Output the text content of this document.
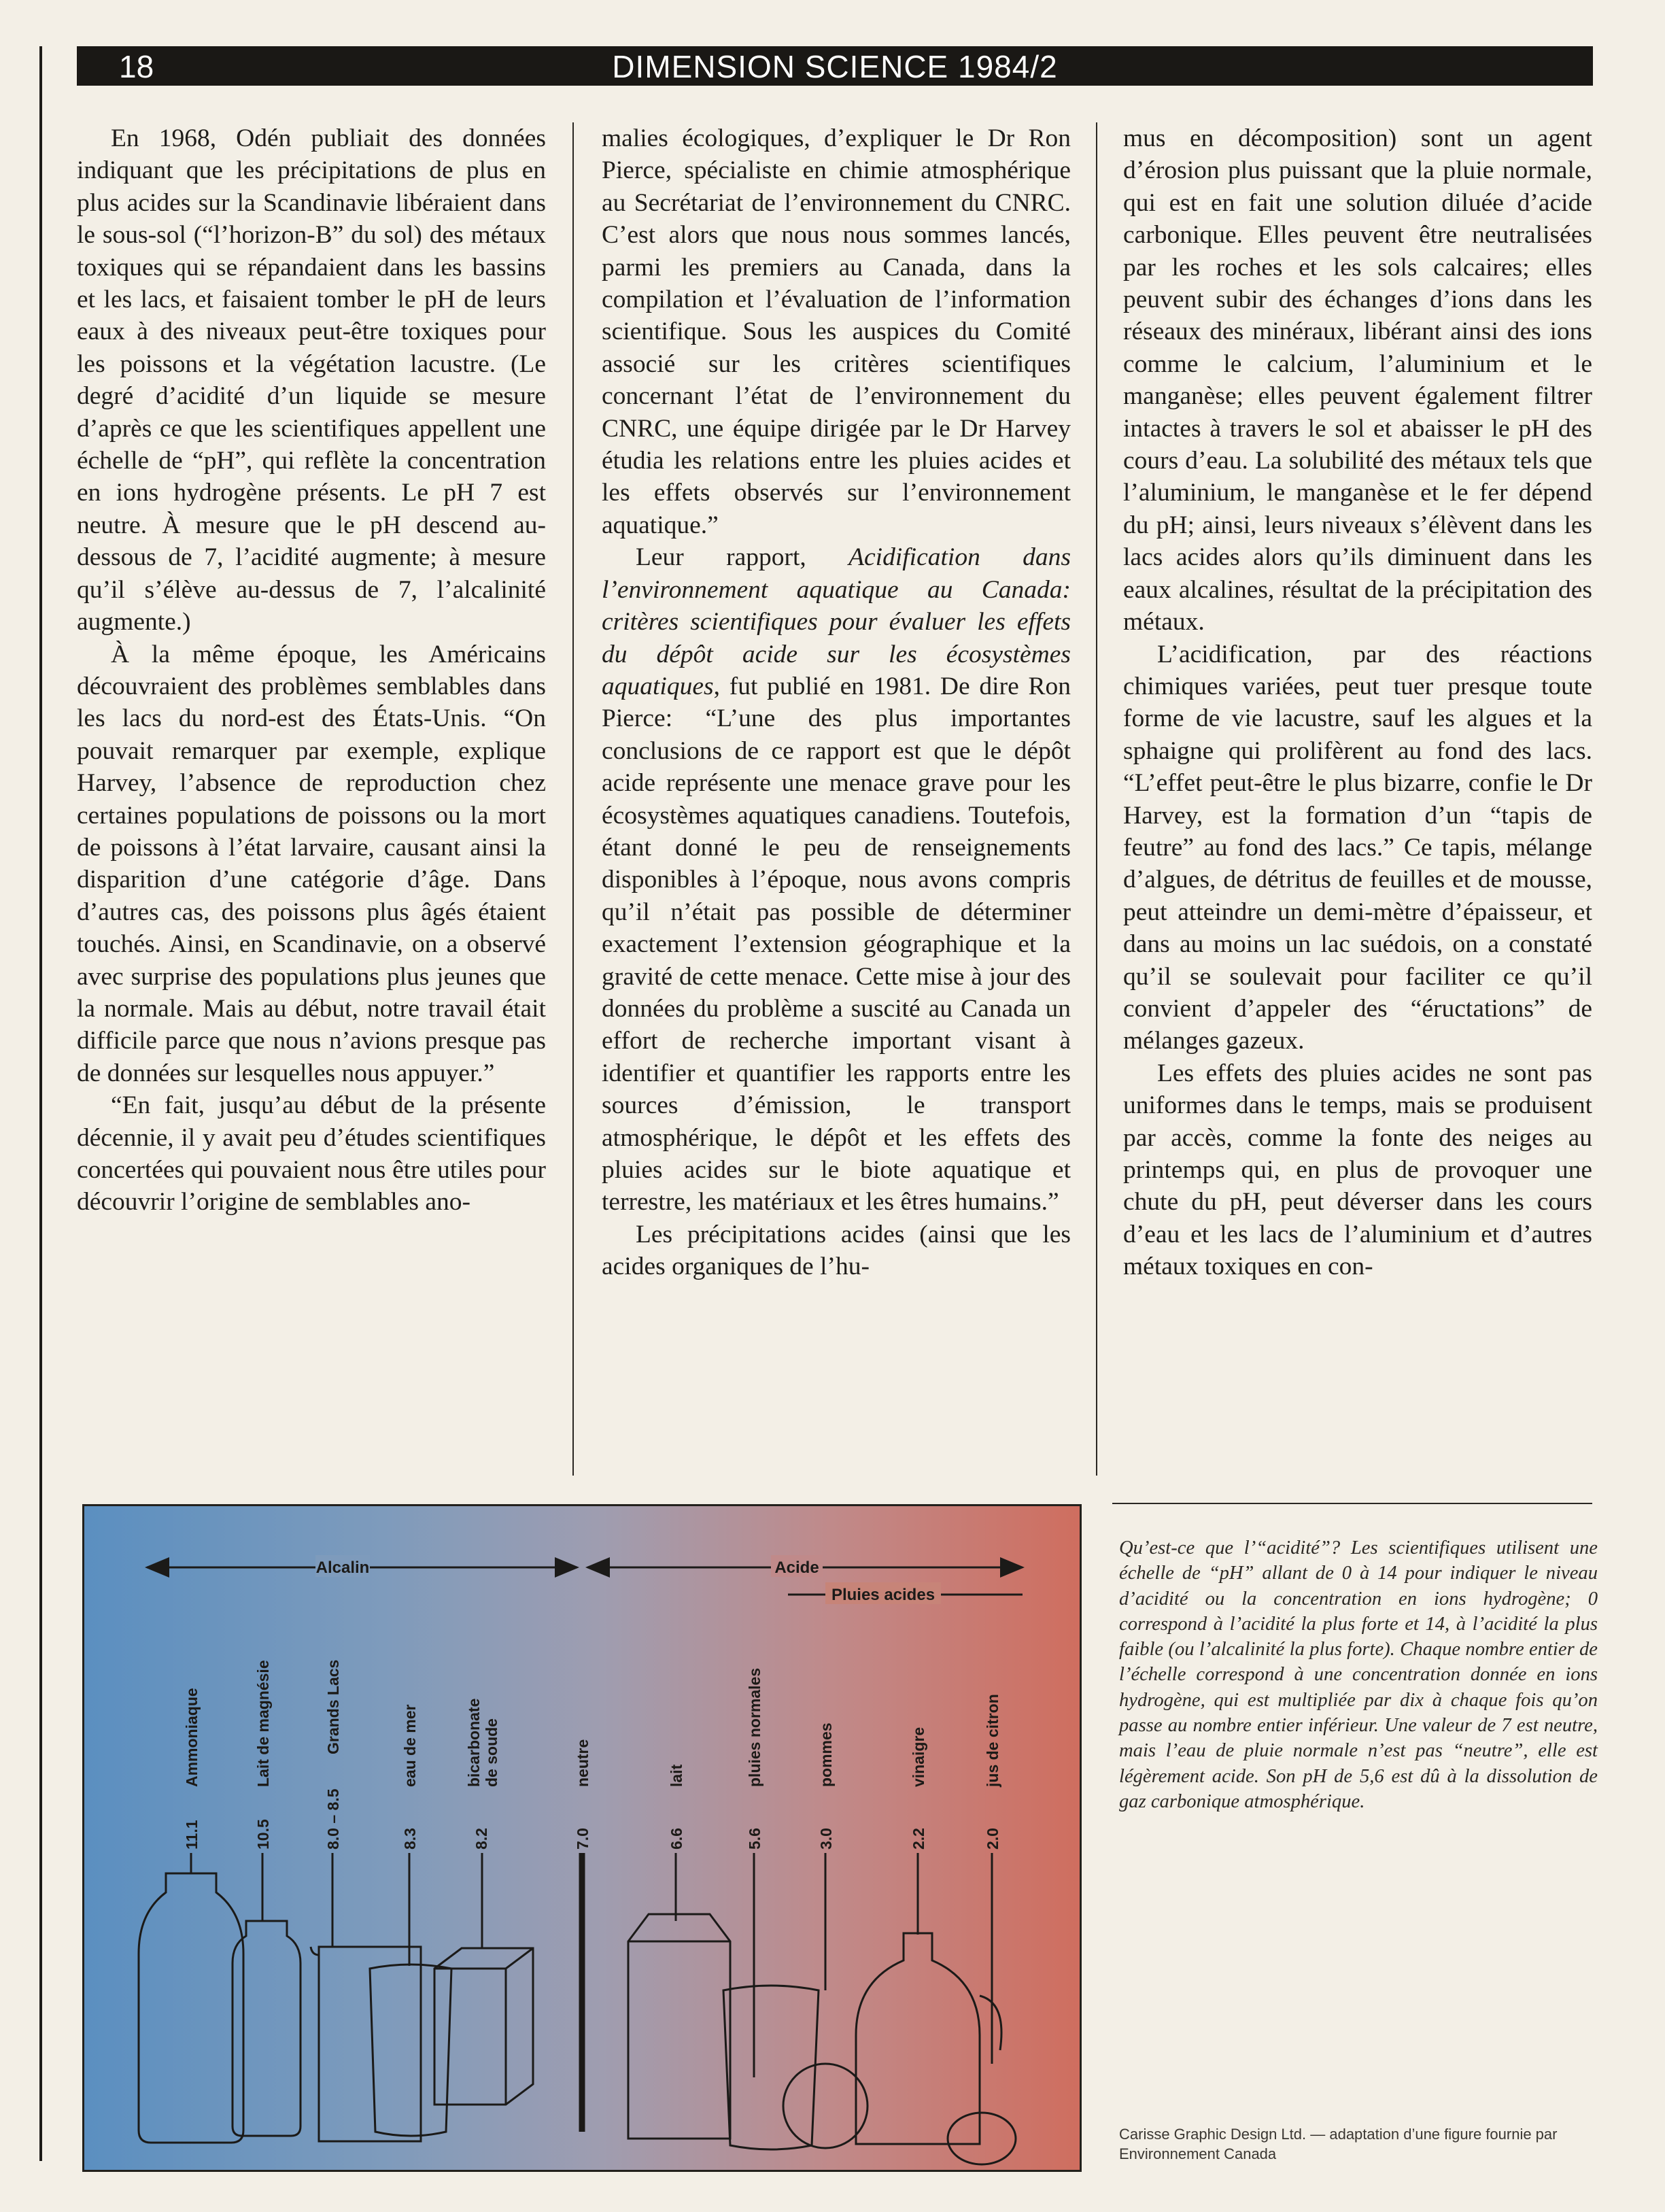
18	DIMENSION SCIENCE 1984/2

En 1968, Odén publiait des données indiquant que les précipitations de plus en plus acides sur la Scandinavie libéraient dans le sous-sol (“l’horizon-B” du sol) des métaux toxiques qui se répandaient dans les bassins et les lacs, et faisaient tomber le pH de leurs eaux à des niveaux peut-être toxiques pour les poissons et la végétation lacustre. (Le degré d’acidité d’un liquide se mesure d’après ce que les scientifiques appellent une échelle de “pH”, qui reflète la concentration en ions hydrogène présents. Le pH 7 est neutre. À mesure que le pH descend au-dessous de 7, l’acidité augmente; à mesure qu’il s’élève au-dessus de 7, l’alcalinité augmente.)

À la même époque, les Américains découvraient des problèmes semblables dans les lacs du nord-est des États-Unis. “On pouvait remarquer par exemple, explique Harvey, l’absence de reproduction chez certaines populations de poissons ou la mort de poissons à l’état larvaire, causant ainsi la disparition d’une catégorie d’âge. Dans d’autres cas, des poissons plus âgés étaient touchés. Ainsi, en Scandinavie, on a observé avec surprise des populations plus jeunes que la normale. Mais au début, notre travail était difficile parce que nous n’avions presque pas de données sur lesquelles nous appuyer.”

“En fait, jusqu’au début de la présente décennie, il y avait peu d’études scientifiques concertées qui pouvaient nous être utiles pour découvrir l’origine de semblables ano-

malies écologiques, d’expliquer le Dr Ron Pierce, spécialiste en chimie atmosphérique au Secrétariat de l’environnement du CNRC. C’est alors que nous nous sommes lancés, parmi les premiers au Canada, dans la compilation et l’évaluation de l’information scientifique. Sous les auspices du Comité associé sur les critères scientifiques concernant l’état de l’environnement du CNRC, une équipe dirigée par le Dr Harvey étudia les relations entre les pluies acides et les effets observés sur l’environnement aquatique.”

Leur rapport, Acidification dans l’environnement aquatique au Canada: critères scientifiques pour évaluer les effets du dépôt acide sur les écosystèmes aquatiques, fut publié en 1981. De dire Ron Pierce: “L’une des plus importantes conclusions de ce rapport est que le dépôt acide représente une menace grave pour les écosystèmes aquatiques canadiens. Toutefois, étant donné le peu de renseignements disponibles à l’époque, nous avons compris qu’il n’était pas possible de déterminer exactement l’extension géographique et la gravité de cette menace. Cette mise à jour des données du problème a suscité au Canada un effort de recherche important visant à identifier et quantifier les rapports entre les sources d’émission, le transport atmosphérique, le dépôt et les effets des pluies acides sur le biote aquatique et terrestre, les matériaux et les êtres humains.”

Les précipitations acides (ainsi que les acides organiques de l’hu-

mus en décomposition) sont un agent d’érosion plus puissant que la pluie normale, qui est en fait une solution diluée d’acide carbonique. Elles peuvent être neutralisées par les roches et les sols calcaires; elles peuvent subir des échanges d’ions dans les réseaux des minéraux, libérant ainsi des ions comme le calcium, l’aluminium et le manganèse; elles peuvent également filtrer intactes à travers le sol et abaisser le pH des cours d’eau. La solubilité des métaux tels que l’aluminium, le manganèse et le fer dépend du pH; ainsi, leurs niveaux s’élèvent dans les lacs acides alors qu’ils diminuent dans les eaux alcalines, résultat de la précipitation des métaux.

L’acidification, par des réactions chimiques variées, peut tuer presque toute forme de vie lacustre, sauf les algues et la sphaigne qui prolifèrent au fond des lacs. “L’effet peut-être le plus bizarre, confie le Dr Harvey, est la formation d’un “tapis de feutre” au fond des lacs.” Ce tapis, mélange d’algues, de détritus de feuilles et de mousse, peut atteindre un demi-mètre d’épaisseur, et dans au moins un lac suédois, on a constaté qu’il se soulevait pour faciliter ce qu’il convient d’appeler des “éructations” de mélanges gazeux.

Les effets des pluies acides ne sont pas uniformes dans le temps, mais se produisent par accès, comme la fonte des neiges au printemps qui, en plus de provoquer une chute du pH, peut déverser dans les cours d’eau et les lacs de l’aluminium et d’autres métaux toxiques en con-

Alcalin	Acide
Pluies acides
11.1Ammoniaque
10.5Lait de magnésie
8.0 – 8.5Grands Lacs
8.3eau de mer
8.2bicarbonate
de soude
7.0neutre
6.6lait
5.6pluies normales
3.0pommes
2.2vinaigre
2.0jus de citron
Qu’est-ce que l’“acidité”? Les scientifiques utilisent une échelle de “pH” allant de 0 à 14 pour indiquer le niveau d’acidité ou la concentration en ions hydrogène; 0 correspond à l’acidité la plus forte et 14, à l’acidité la plus faible (ou l’alcalinité la plus forte). Chaque nombre entier de l’échelle correspond à une concentration donnée en ions hydrogène, qui est multipliée par dix à chaque fois qu’on passe au nombre entier inférieur. Une valeur de 7 est neutre, mais l’eau de pluie normale n’est pas “neutre”, elle est légèrement acide. Son pH de 5,6 est dû à la dissolution de gaz carbonique atmosphérique.
Carisse Graphic Design Ltd. — adaptation d’une figure fournie par Environnement Canada
